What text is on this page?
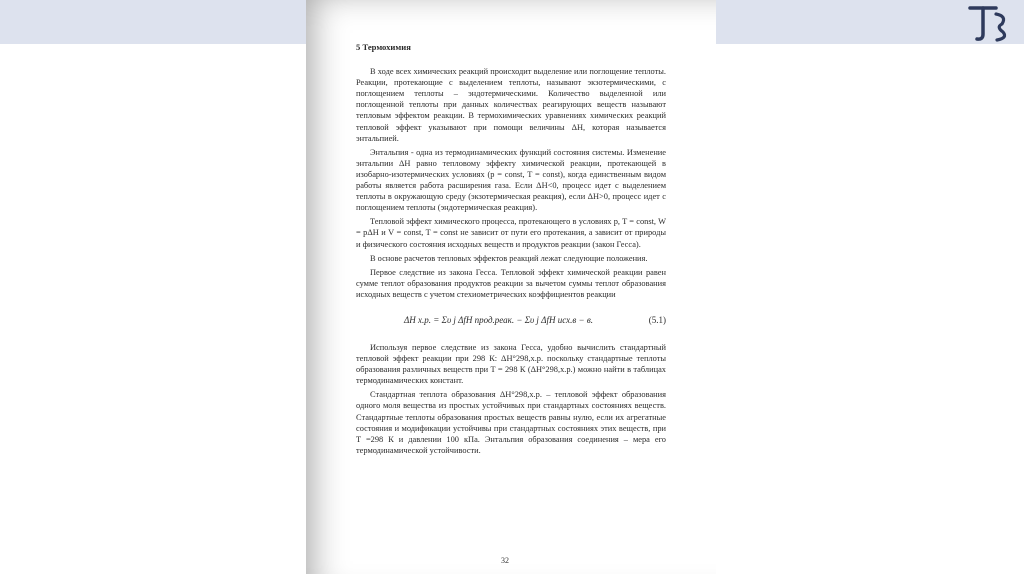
5 Термохимия

В ходе всех химических реакций происходит выделение или поглощение теплоты. Реакции, протекающие с выделением теплоты, называют экзотермическими, с поглощением теплоты – эндотермическими. Количество выделенной или поглощенной теплоты при данных количествах реагирующих веществ называют тепловым эффектом реакции. В термохимических уравнениях химических реакций тепловой эффект указывают при помощи величины ΔH, которая называется энтальпией.

Энтальпия - одна из термодинамических функций состояния системы. Изменение энтальпии ΔH равно тепловому эффекту химической реакции, протекающей в изобарно-изотермических условиях (p = const, T = const), когда единственным видом работы является работа расширения газа. Если ΔH<0, процесс идет с выделением теплоты в окружающую среду (экзотермическая реакция), если ΔH>0, процесс идет с поглощением теплоты (эндотермическая реакция).

Тепловой эффект химического процесса, протекающего в условиях p, T = const, W = pΔH и V = const, T = const не зависит от пути его протекания, а зависит от природы и физического состояния исходных веществ и продуктов реакции (закон Гесса).

В основе расчетов тепловых эффектов реакций лежат следующие положения.

Первое следствие из закона Гесса. Тепловой эффект химической реакции равен сумме теплот образования продуктов реакции за вычетом суммы теплот образования исходных веществ с учетом стехиометрических коэффициентов реакции

ΔH х.р. = Συ j ΔfH прод.реак. − Συ j ΔfH исх.в − в.	(5.1)

Используя первое следствие из закона Гесса, удобно вычислить стандартный тепловой эффект реакции при 298 К: ΔH°298,х.р. поскольку стандартные теплоты образования различных веществ при T = 298 К (ΔH°298,х.р.) можно найти в таблицах термодинамических констант.

Стандартная теплота образования ΔH°298,х.р. – тепловой эффект образования одного моля вещества из простых устойчивых при стандартных состояниях веществ. Стандартные теплоты образования простых веществ равны нулю, если их агрегатные состояния и модификации устойчивы при стандартных состояниях этих веществ, при T =298 К и давлении 100 кПа. Энтальпия образования соединения – мера его термодинамической устойчивости.

32
